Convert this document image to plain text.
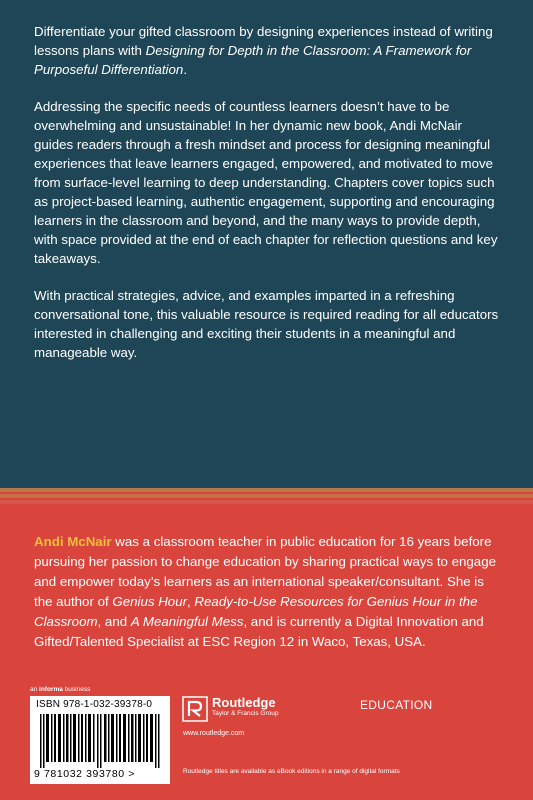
Differentiate your gifted classroom by designing experiences instead of writing lessons plans with Designing for Depth in the Classroom: A Framework for Purposeful Differentiation.

Addressing the specific needs of countless learners doesn’t have to be overwhelming and unsustainable! In her dynamic new book, Andi McNair guides readers through a fresh mindset and process for designing meaningful experiences that leave learners engaged, empowered, and motivated to move from surface-level learning to deep understanding. Chapters cover topics such as project-based learning, authentic engagement, supporting and encouraging learners in the classroom and beyond, and the many ways to provide depth, with space provided at the end of each chapter for reflection questions and key takeaways.

With practical strategies, advice, and examples imparted in a refreshing conversational tone, this valuable resource is required reading for all educators interested in challenging and exciting their students in a meaningful and manageable way.

Andi McNair was a classroom teacher in public education for 16 years before pursuing her passion to change education by sharing practical ways to engage and empower today’s learners as an international speaker/consultant. She is the author of Genius Hour, Ready-to-Use Resources for Genius Hour in the Classroom, and A Meaningful Mess, and is currently a Digital Innovation and Gifted/Talented Specialist at ESC Region 12 in Waco, Texas, USA.
an informa business
ISBN 978-1-032-39378-0
9 781032 393780 >
Routledge
Taylor & Francis Group
www.routledge.com
EDUCATION
Routledge titles are available as eBook editions in a range of digital formats
